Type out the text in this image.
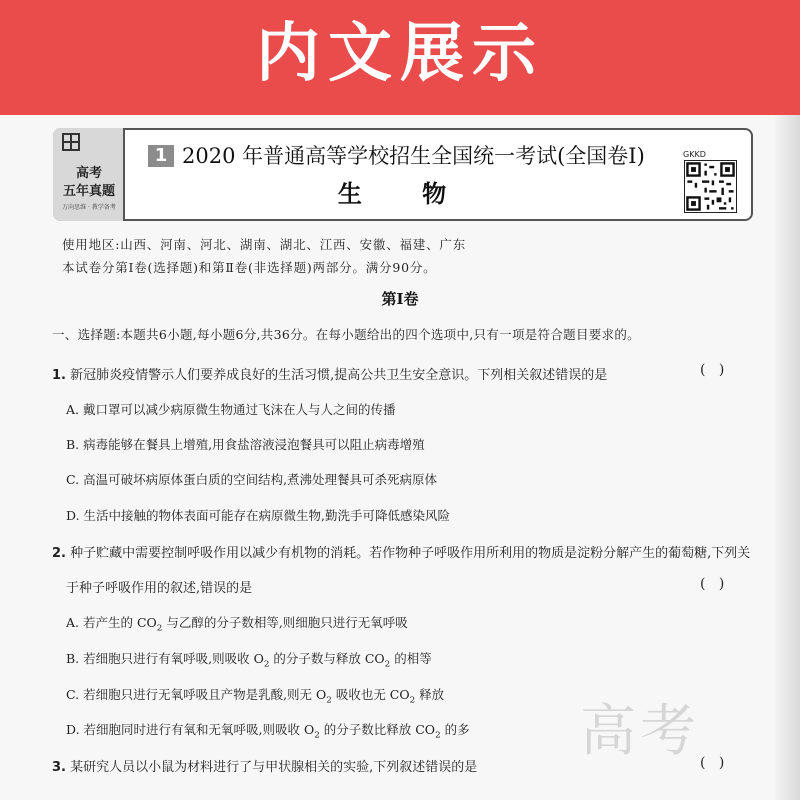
内文展示
高考
五年真题
万向思维 · 教学备考
1 2020 年普通高等学校招生全国统一考试(全国卷Ⅰ)
生 物
GKKD
使用地区:山西、河南、河北、湖南、湖北、江西、安徽、福建、广东
本试卷分第Ⅰ卷(选择题)和第Ⅱ卷(非选择题)两部分。满分90分。
第Ⅰ卷
一、选择题:本题共6小题,每小题6分,共36分。在每小题给出的四个选项中,只有一项是符合题目要求的。
1. 新冠肺炎疫情警示人们要养成良好的生活习惯,提高公共卫生安全意识。下列相关叙述错误的是	(   )
A. 戴口罩可以减少病原微生物通过飞沫在人与人之间的传播
B. 病毒能够在餐具上增殖,用食盐溶液浸泡餐具可以阻止病毒增殖
C. 高温可破坏病原体蛋白质的空间结构,煮沸处理餐具可杀死病原体
D. 生活中接触的物体表面可能存在病原微生物,勤洗手可降低感染风险
2. 种子贮藏中需要控制呼吸作用以减少有机物的消耗。若作物种子呼吸作用所利用的物质是淀粉分解产生的葡萄糖,下列关
于种子呼吸作用的叙述,错误的是	(   )
A. 若产生的 $CO_2$ 与乙醇的分子数相等,则细胞只进行无氧呼吸
B. 若细胞只进行有氧呼吸,则吸收 $O_2$ 的分子数与释放 $CO_2$ 的相等
C. 若细胞只进行无氧呼吸且产物是乳酸,则无 $O_2$ 吸收也无 $CO_2$ 释放
D. 若细胞同时进行有氧和无氧呼吸,则吸收 $O_2$ 的分子数比释放 $CO_2$ 的多 高考
3. 某研究人员以小鼠为材料进行了与甲状腺相关的实验,下列叙述错误的是	(   )
